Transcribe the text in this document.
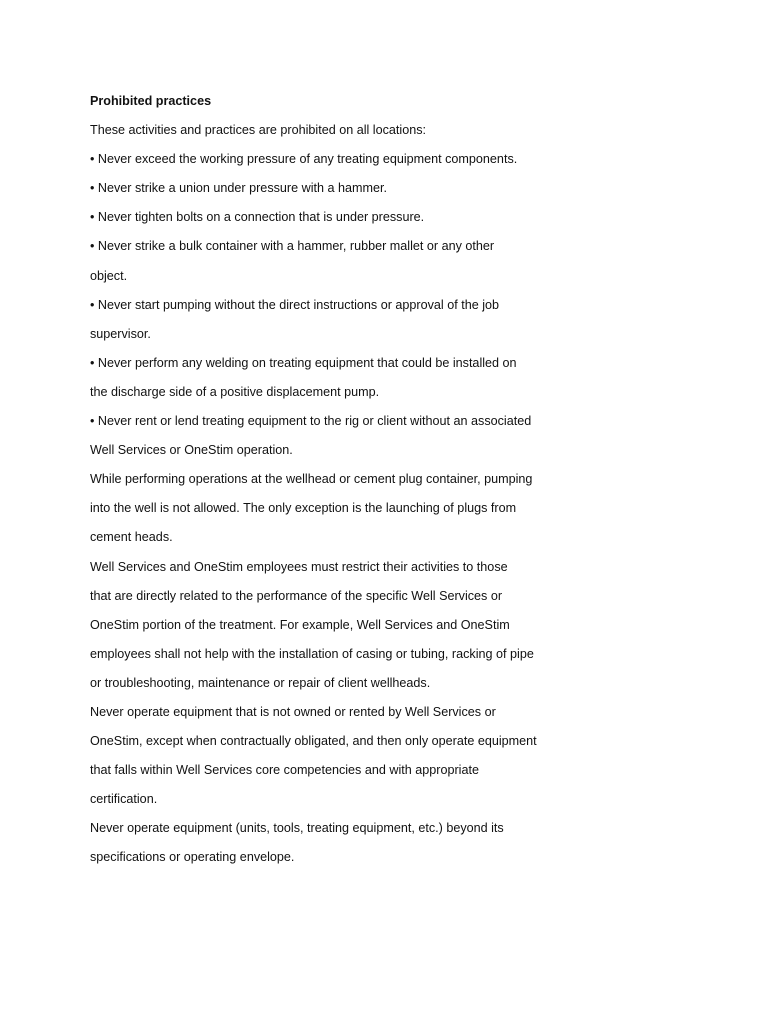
Prohibited practices
These activities and practices are prohibited on all locations:
• Never exceed the working pressure of any treating equipment components.
• Never strike a union under pressure with a hammer.
• Never tighten bolts on a connection that is under pressure.
• Never strike a bulk container with a hammer, rubber mallet or any other
object.
• Never start pumping without the direct instructions or approval of the job
supervisor.
• Never perform any welding on treating equipment that could be installed on
the discharge side of a positive displacement pump.
• Never rent or lend treating equipment to the rig or client without an associated
Well Services or OneStim operation.
While performing operations at the wellhead or cement plug container, pumping
into the well is not allowed. The only exception is the launching of plugs from
cement heads.
Well Services and OneStim employees must restrict their activities to those
that are directly related to the performance of the specific Well Services or
OneStim portion of the treatment. For example, Well Services and OneStim
employees shall not help with the installation of casing or tubing, racking of pipe
or troubleshooting, maintenance or repair of client wellheads.
Never operate equipment that is not owned or rented by Well Services or
OneStim, except when contractually obligated, and then only operate equipment
that falls within Well Services core competencies and with appropriate
certification.
Never operate equipment (units, tools, treating equipment, etc.) beyond its
specifications or operating envelope.
